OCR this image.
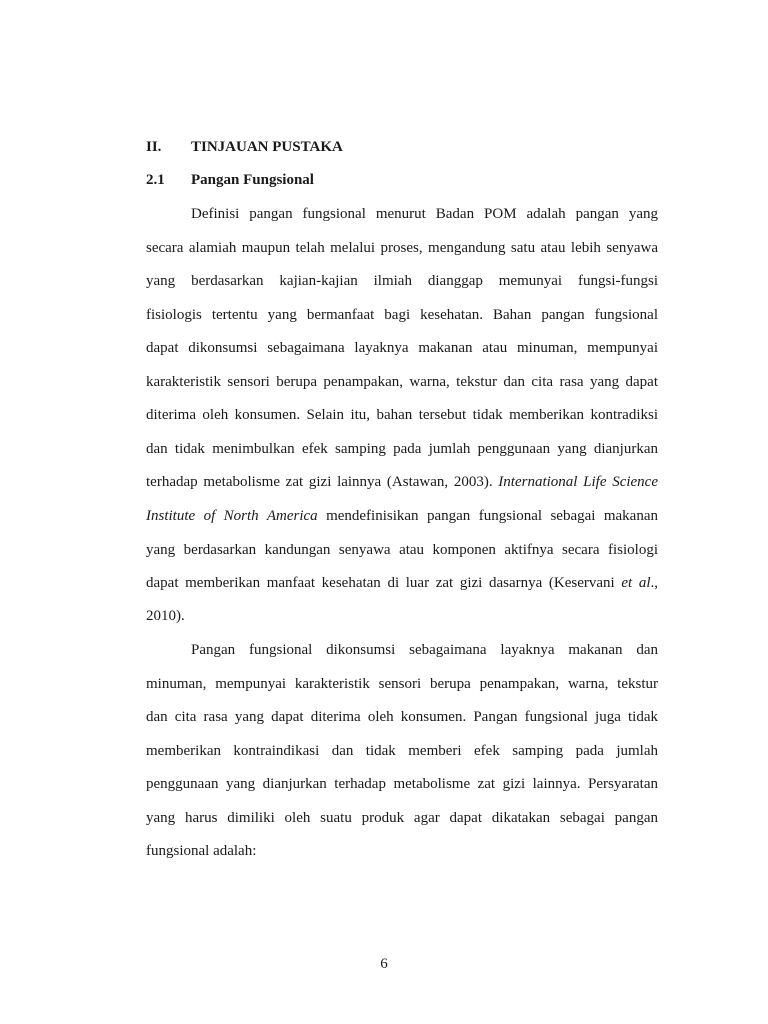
II. TINJAUAN PUSTAKA
2.1 Pangan Fungsional
Definisi pangan fungsional menurut Badan POM adalah pangan yang
secara alamiah maupun telah melalui proses, mengandung satu atau lebih senyawa
yang berdasarkan kajian-kajian ilmiah dianggap memunyai fungsi-fungsi
fisiologis tertentu yang bermanfaat bagi kesehatan. Bahan pangan fungsional
dapat dikonsumsi sebagaimana layaknya makanan atau minuman, mempunyai
karakteristik sensori berupa penampakan, warna, tekstur dan cita rasa yang dapat
diterima oleh konsumen. Selain itu, bahan tersebut tidak memberikan kontradiksi
dan tidak menimbulkan efek samping pada jumlah penggunaan yang dianjurkan
terhadap metabolisme zat gizi lainnya (Astawan, 2003). International Life Science
Institute of North America mendefinisikan pangan fungsional sebagai makanan
yang berdasarkan kandungan senyawa atau komponen aktifnya secara fisiologi
dapat memberikan manfaat kesehatan di luar zat gizi dasarnya (Keservani et al.,
2010).
Pangan fungsional dikonsumsi sebagaimana layaknya makanan dan
minuman, mempunyai karakteristik sensori berupa penampakan, warna, tekstur
dan cita rasa yang dapat diterima oleh konsumen. Pangan fungsional juga tidak
memberikan kontraindikasi dan tidak memberi efek samping pada jumlah
penggunaan yang dianjurkan terhadap metabolisme zat gizi lainnya. Persyaratan
yang harus dimiliki oleh suatu produk agar dapat dikatakan sebagai pangan
fungsional adalah:
6
